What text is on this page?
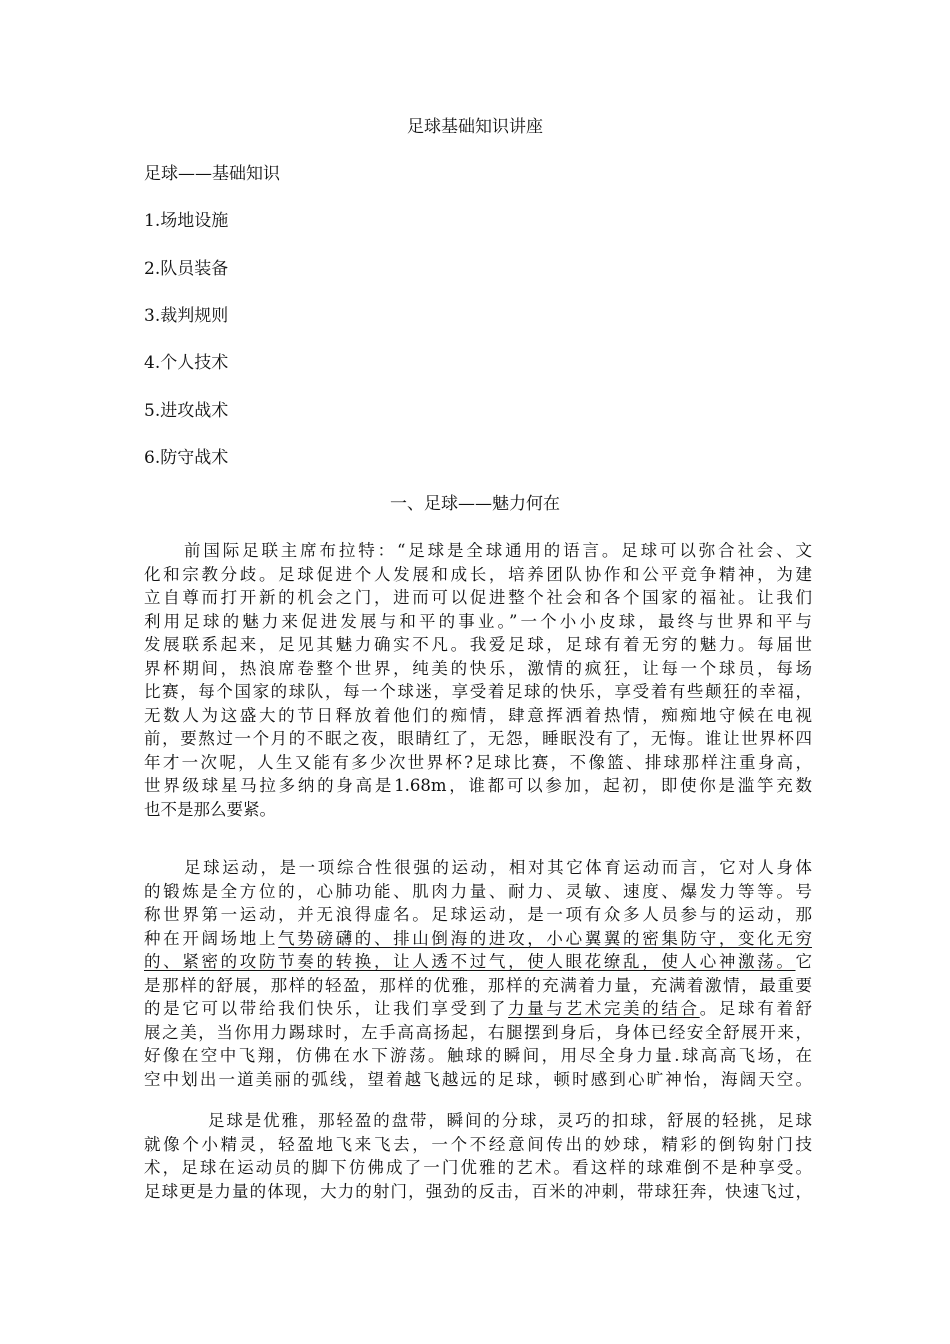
足球基础知识讲座
足球——基础知识
1.场地设施
2.队员装备
3.裁判规则
4.个人技术
5.进攻战术
6.防守战术
一、足球——魅力何在
前国际足联主席布拉特：“足球是全球通用的语言。足球可以弥合社会、文
化和宗教分歧。足球促进个人发展和成长，培养团队协作和公平竞争精神，为建
立自尊而打开新的机会之门，进而可以促进整个社会和各个国家的福祉。让我们
利用足球的魅力来促进发展与和平的事业。”一个小小皮球，最终与世界和平与
发展联系起来，足见其魅力确实不凡。我爱足球，足球有着无穷的魅力。每届世
界杯期间，热浪席卷整个世界，纯美的快乐，激情的疯狂，让每一个球员，每场
比赛，每个国家的球队，每一个球迷，享受着足球的快乐，享受着有些颠狂的幸福，
无数人为这盛大的节日释放着他们的痴情，肆意挥洒着热情，痴痴地守候在电视
前，要熬过一个月的不眠之夜，眼睛红了，无怨，睡眠没有了，无悔。谁让世界杯四
年才一次呢，人生又能有多少次世界杯?足球比赛，不像篮、排球那样注重身高，
世界级球星马拉多纳的身高是1.68m，谁都可以参加，起初，即使你是滥竽充数
也不是那么要紧。
足球运动，是一项综合性很强的运动，相对其它体育运动而言，它对人身体
的锻炼是全方位的，心肺功能、肌肉力量、耐力、灵敏、速度、爆发力等等。号
称世界第一运动，并无浪得虚名。足球运动，是一项有众多人员参与的运动，那
种在开阔场地上气势磅礴的、排山倒海的进攻，小心翼翼的密集防守，变化无穷
的、紧密的攻防节奏的转换，让人透不过气，使人眼花缭乱，使人心神激荡。它
是那样的舒展，那样的轻盈，那样的优雅，那样的充满着力量，充满着激情，最重要
的是它可以带给我们快乐，让我们享受到了力量与艺术完美的结合。足球有着舒
展之美，当你用力踢球时，左手高高扬起，右腿摆到身后，身体已经安全舒展开来，
好像在空中飞翔，仿佛在水下游荡。触球的瞬间，用尽全身力量.球高高飞场，在
空中划出一道美丽的弧线，望着越飞越远的足球，顿时感到心旷神怡，海阔天空。
足球是优雅，那轻盈的盘带，瞬间的分球，灵巧的扣球，舒展的轻挑，足球
就像个小精灵，轻盈地飞来飞去，一个不经意间传出的妙球，精彩的倒钩射门技
术，足球在运动员的脚下仿佛成了一门优雅的艺术。看这样的球难倒不是种享受。
足球更是力量的体现，大力的射门，强劲的反击，百米的冲刺，带球狂奔，快速飞过，
